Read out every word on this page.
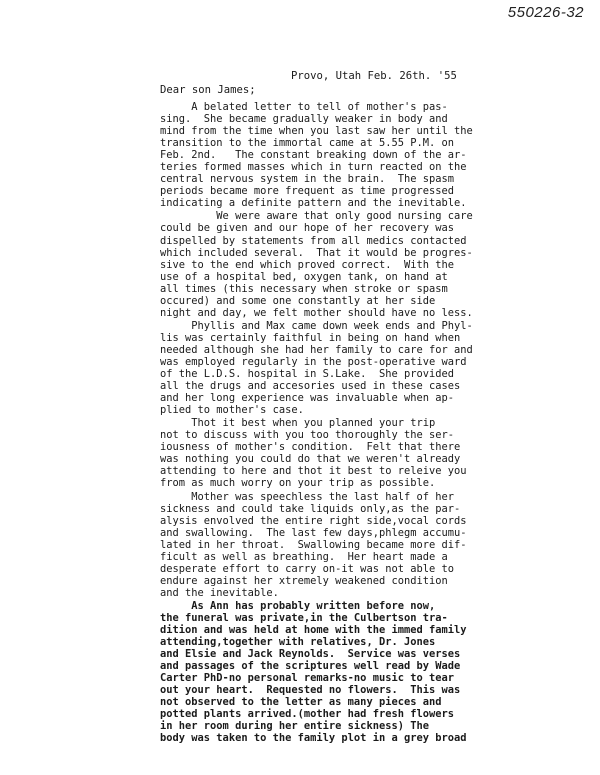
550226-32
Provo, Utah Feb. 26th. '55
Dear son James;
A belated letter to tell of mother's pas-
sing.  She became gradually weaker in body and
mind from the time when you last saw her until the
transition to the immortal came at 5.55 P.M. on
Feb. 2nd.   The constant breaking down of the ar-
teries formed masses which in turn reacted on the
central nervous system in the brain.  The spasm
periods became more frequent as time progressed
indicating a definite pattern and the inevitable.
We were aware that only good nursing care
could be given and our hope of her recovery was
dispelled by statements from all medics contacted
which included several.  That it would be progres-
sive to the end which proved correct.  With the
use of a hospital bed, oxygen tank, on hand at
all times (this necessary when stroke or spasm
occured) and some one constantly at her side
night and day, we felt mother should have no less.
Phyllis and Max came down week ends and Phyl-
lis was certainly faithful in being on hand when
needed although she had her family to care for and
was employed regularly in the post-operative ward
of the L.D.S. hospital in S.Lake.  She provided
all the drugs and accesories used in these cases
and her long experience was invaluable when ap-
plied to mother's case.
Thot it best when you planned your trip
not to discuss with you too thoroughly the ser-
iousness of mother's condition.  Felt that there
was nothing you could do that we weren't already
attending to here and thot it best to releive you
from as much worry on your trip as possible.
Mother was speechless the last half of her
sickness and could take liquids only,as the par-
alysis envolved the entire right side,vocal cords
and swallowing.  The last few days,phlegm accumu-
lated in her throat.  Swallowing became more dif-
ficult as well as breathing.  Her heart made a
desperate effort to carry on-it was not able to
endure against her xtremely weakened condition
and the inevitable.
As Ann has probably written before now,
the funeral was private,in the Culbertson tra-
dition and was held at home with the immed family
attending,together with relatives, Dr. Jones
and Elsie and Jack Reynolds.  Service was verses
and passages of the scriptures well read by Wade
Carter PhD-no personal remarks-no music to tear
out your heart.  Requested no flowers.  This was
not observed to the letter as many pieces and
potted plants arrived.(mother had fresh flowers
in her room during her entire sickness) The
body was taken to the family plot in a grey broad
